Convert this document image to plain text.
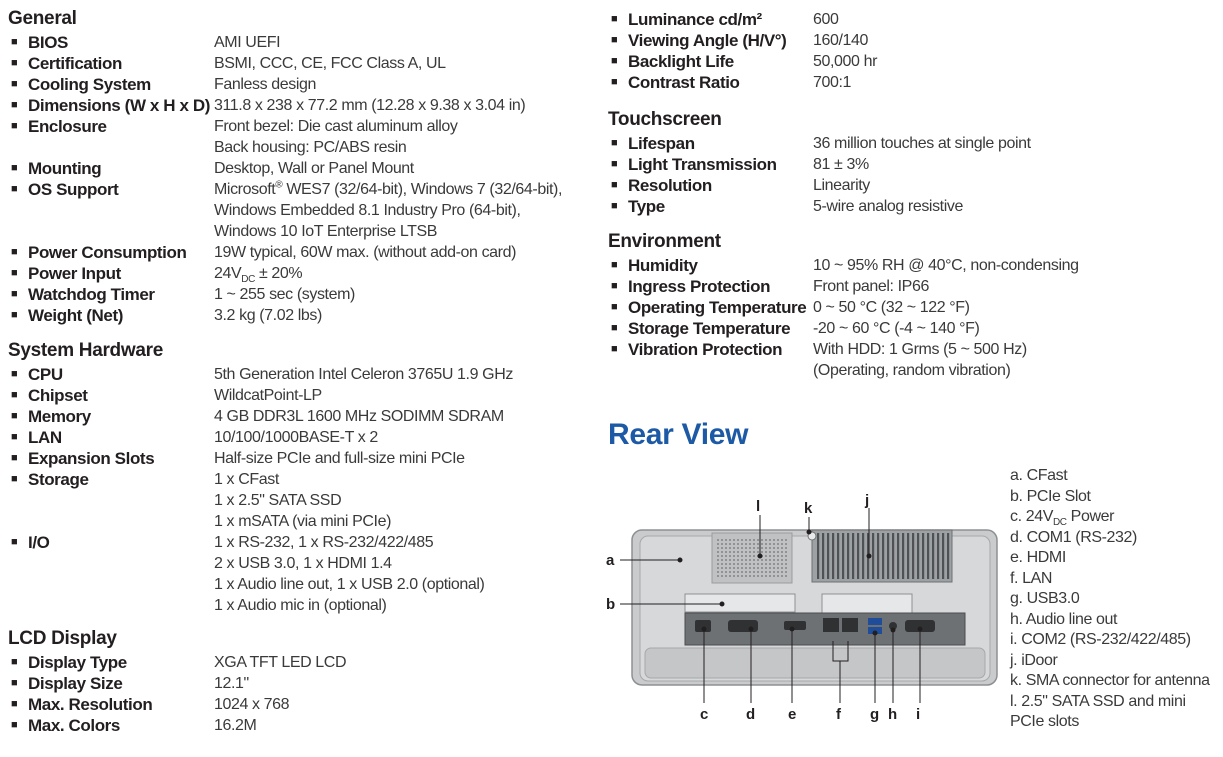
General
■ BIOS	AMI UEFI
■ Certification	BSMI, CCC, CE, FCC Class A, UL
■ Cooling System	Fanless design
■ Dimensions (W x H x D) 311.8 x 238 x 77.2 mm (12.28 x 9.38 x 3.04 in)
■ Enclosure	Front bezel: Die cast aluminum alloy
Back housing: PC/ABS resin
■ Mounting	Desktop, Wall or Panel Mount
■ OS Support	Microsoft® WES7 (32/64-bit), Windows 7 (32/64-bit),
Windows Embedded 8.1 Industry Pro (64-bit),
Windows 10 IoT Enterprise LTSB
■ Power Consumption	19W typical, 60W max. (without add-on card)
■ Power Input	$24V_{DC} \pm 20\%$
■ Watchdog Timer	1 ~ 255 sec (system)
■ Weight (Net)	3.2 kg (7.02 lbs)
System Hardware
■ CPU	5th Generation Intel Celeron 3765U 1.9 GHz
■ Chipset	WildcatPoint-LP
■ Memory	4 GB DDR3L 1600 MHz SODIMM SDRAM
■ LAN	10/100/1000BASE-T x 2
■ Expansion Slots	Half-size PCIe and full-size mini PCIe
■ Storage	1 x CFast
1 x 2.5" SATA SSD
1 x mSATA (via mini PCIe)
■ I/O	1 x RS-232, 1 x RS-232/422/485
2 x USB 3.0, 1 x HDMI 1.4
1 x Audio line out, 1 x USB 2.0 (optional)
1 x Audio mic in (optional)
LCD Display
■ Display Type	XGA TFT LED LCD
■ Display Size	12.1"
■ Max. Resolution	1024 x 768
■ Max. Colors	16.2M
■ Luminance cd/m²	600
■ Viewing Angle (H/V°)	160/140
■ Backlight Life	50,000 hr
■ Contrast Ratio	700:1
Touchscreen
■ Lifespan	36 million touches at single point
■ Light Transmission	81 ± 3%
■ Resolution	Linearity
■ Type	5-wire analog resistive
Environment
■ Humidity	10 ~ 95% RH @ 40°C, non-condensing
■ Ingress Protection	Front panel: IP66
■ Operating Temperature 0 ~ 50 °C (32 ~ 122 °F)
■ Storage Temperature	-20 ~ 60 °C (-4 ~ 140 °F)
■ Vibration Protection	With HDD: 1 Grms (5 ~ 500 Hz)
(Operating, random vibration)
Rear View
a. CFast
b. PCIe Slot
c. $24V_{DC}$ Power
d. COM1 (RS-232)
e. HDMI
f. LAN
g. USB3.0
h. Audio line out
i. COM2 (RS-232/422/485)
j. iDoor
k. SMA connector for antenna
l. 2.5" SATA SSD and mini
PCIe slots
a
b
l	k	j
c	d e	f g h i
